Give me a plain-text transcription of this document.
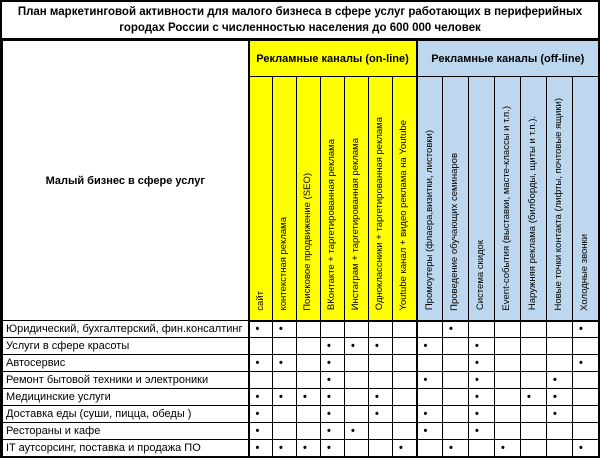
План маркетинговой активности для малого бизнеса в сфере услуг работающих в периферийных городах России с численностью населения до 600 000 человек
Малый бизнес в сфере услуг	Рекламные каналы (on-line)							Рекламные каналы (off-line)						
	сайт	контекстная реклама	Поисковое продвижение (SEO)	ВКонтакте + таргетированная реклама	Инстаграм + таргетированная реклама	Одноклассники + таргетированная реклама	Youtube канал + видео реклама на Youtube	Промоутеры (флаера,визитки, листовки)	Проведение обучающих семинаров	Система скидок	Event-события (выставки, масте-классы и т.п.)	Наружняя реклама (билборды, щиты и т.п.).	Новые точки контакта (лифты, почтовые ящики)	Холодные звонки
Юридический, бухгалтерский, фин.консалтинг	•	•							•					•
Услуги в сфере красоты				•	•	•		•		•				
Автосервис	•	•		•						•				•
Ремонт бытовой техники и электроники				•				•		•			•	
Медицинские услуги	•	•	•	•		•				•		•	•	
Доставка еды (суши, пицца, обеды )	•			•		•		•		•			•	
Рестораны и кафе	•			•	•			•		•				
IT аутсорсинг, поставка и продажа ПО	•	•	•	•			•		•		•			•
